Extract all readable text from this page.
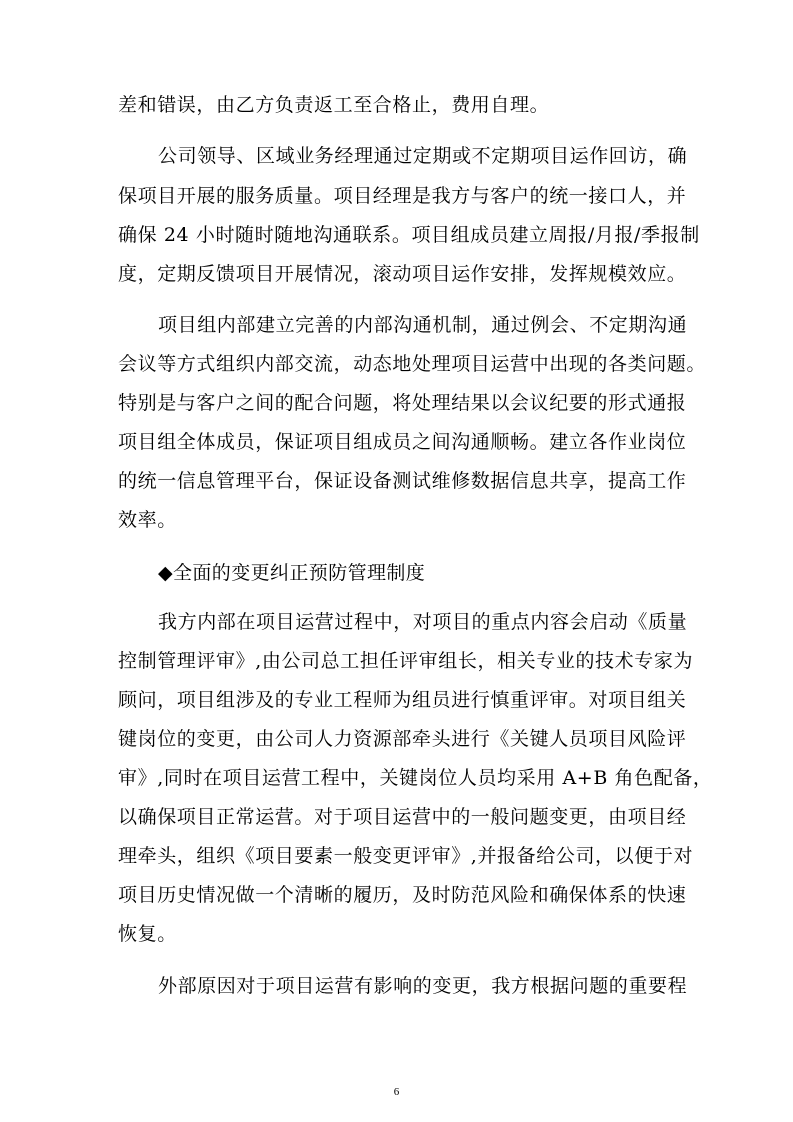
差和错误，由乙方负责返工至合格止，费用自理。
公司领导、区域业务经理通过定期或不定期项目运作回访，确
保项目开展的服务质量。项目经理是我方与客户的统一接口人，并
确保 24 小时随时随地沟通联系。项目组成员建立周报/月报/季报制
度，定期反馈项目开展情况，滚动项目运作安排，发挥规模效应。
项目组内部建立完善的内部沟通机制，通过例会、不定期沟通
会议等方式组织内部交流，动态地处理项目运营中出现的各类问题。
特别是与客户之间的配合问题，将处理结果以会议纪要的形式通报
项目组全体成员，保证项目组成员之间沟通顺畅。建立各作业岗位
的统一信息管理平台，保证设备测试维修数据信息共享，提高工作
效率。
◆全面的变更纠正预防管理制度
我方内部在项目运营过程中，对项目的重点内容会启动《质量
控制管理评审》,由公司总工担任评审组长，相关专业的技术专家为
顾问，项目组涉及的专业工程师为组员进行慎重评审。对项目组关
键岗位的变更，由公司人力资源部牵头进行《关键人员项目风险评
审》,同时在项目运营工程中，关键岗位人员均采用 A+B 角色配备，
以确保项目正常运营。对于项目运营中的一般问题变更，由项目经
理牵头，组织《项目要素一般变更评审》,并报备给公司，以便于对
项目历史情况做一个清晰的履历，及时防范风险和确保体系的快速
恢复。
外部原因对于项目运营有影响的变更，我方根据问题的重要程
6
